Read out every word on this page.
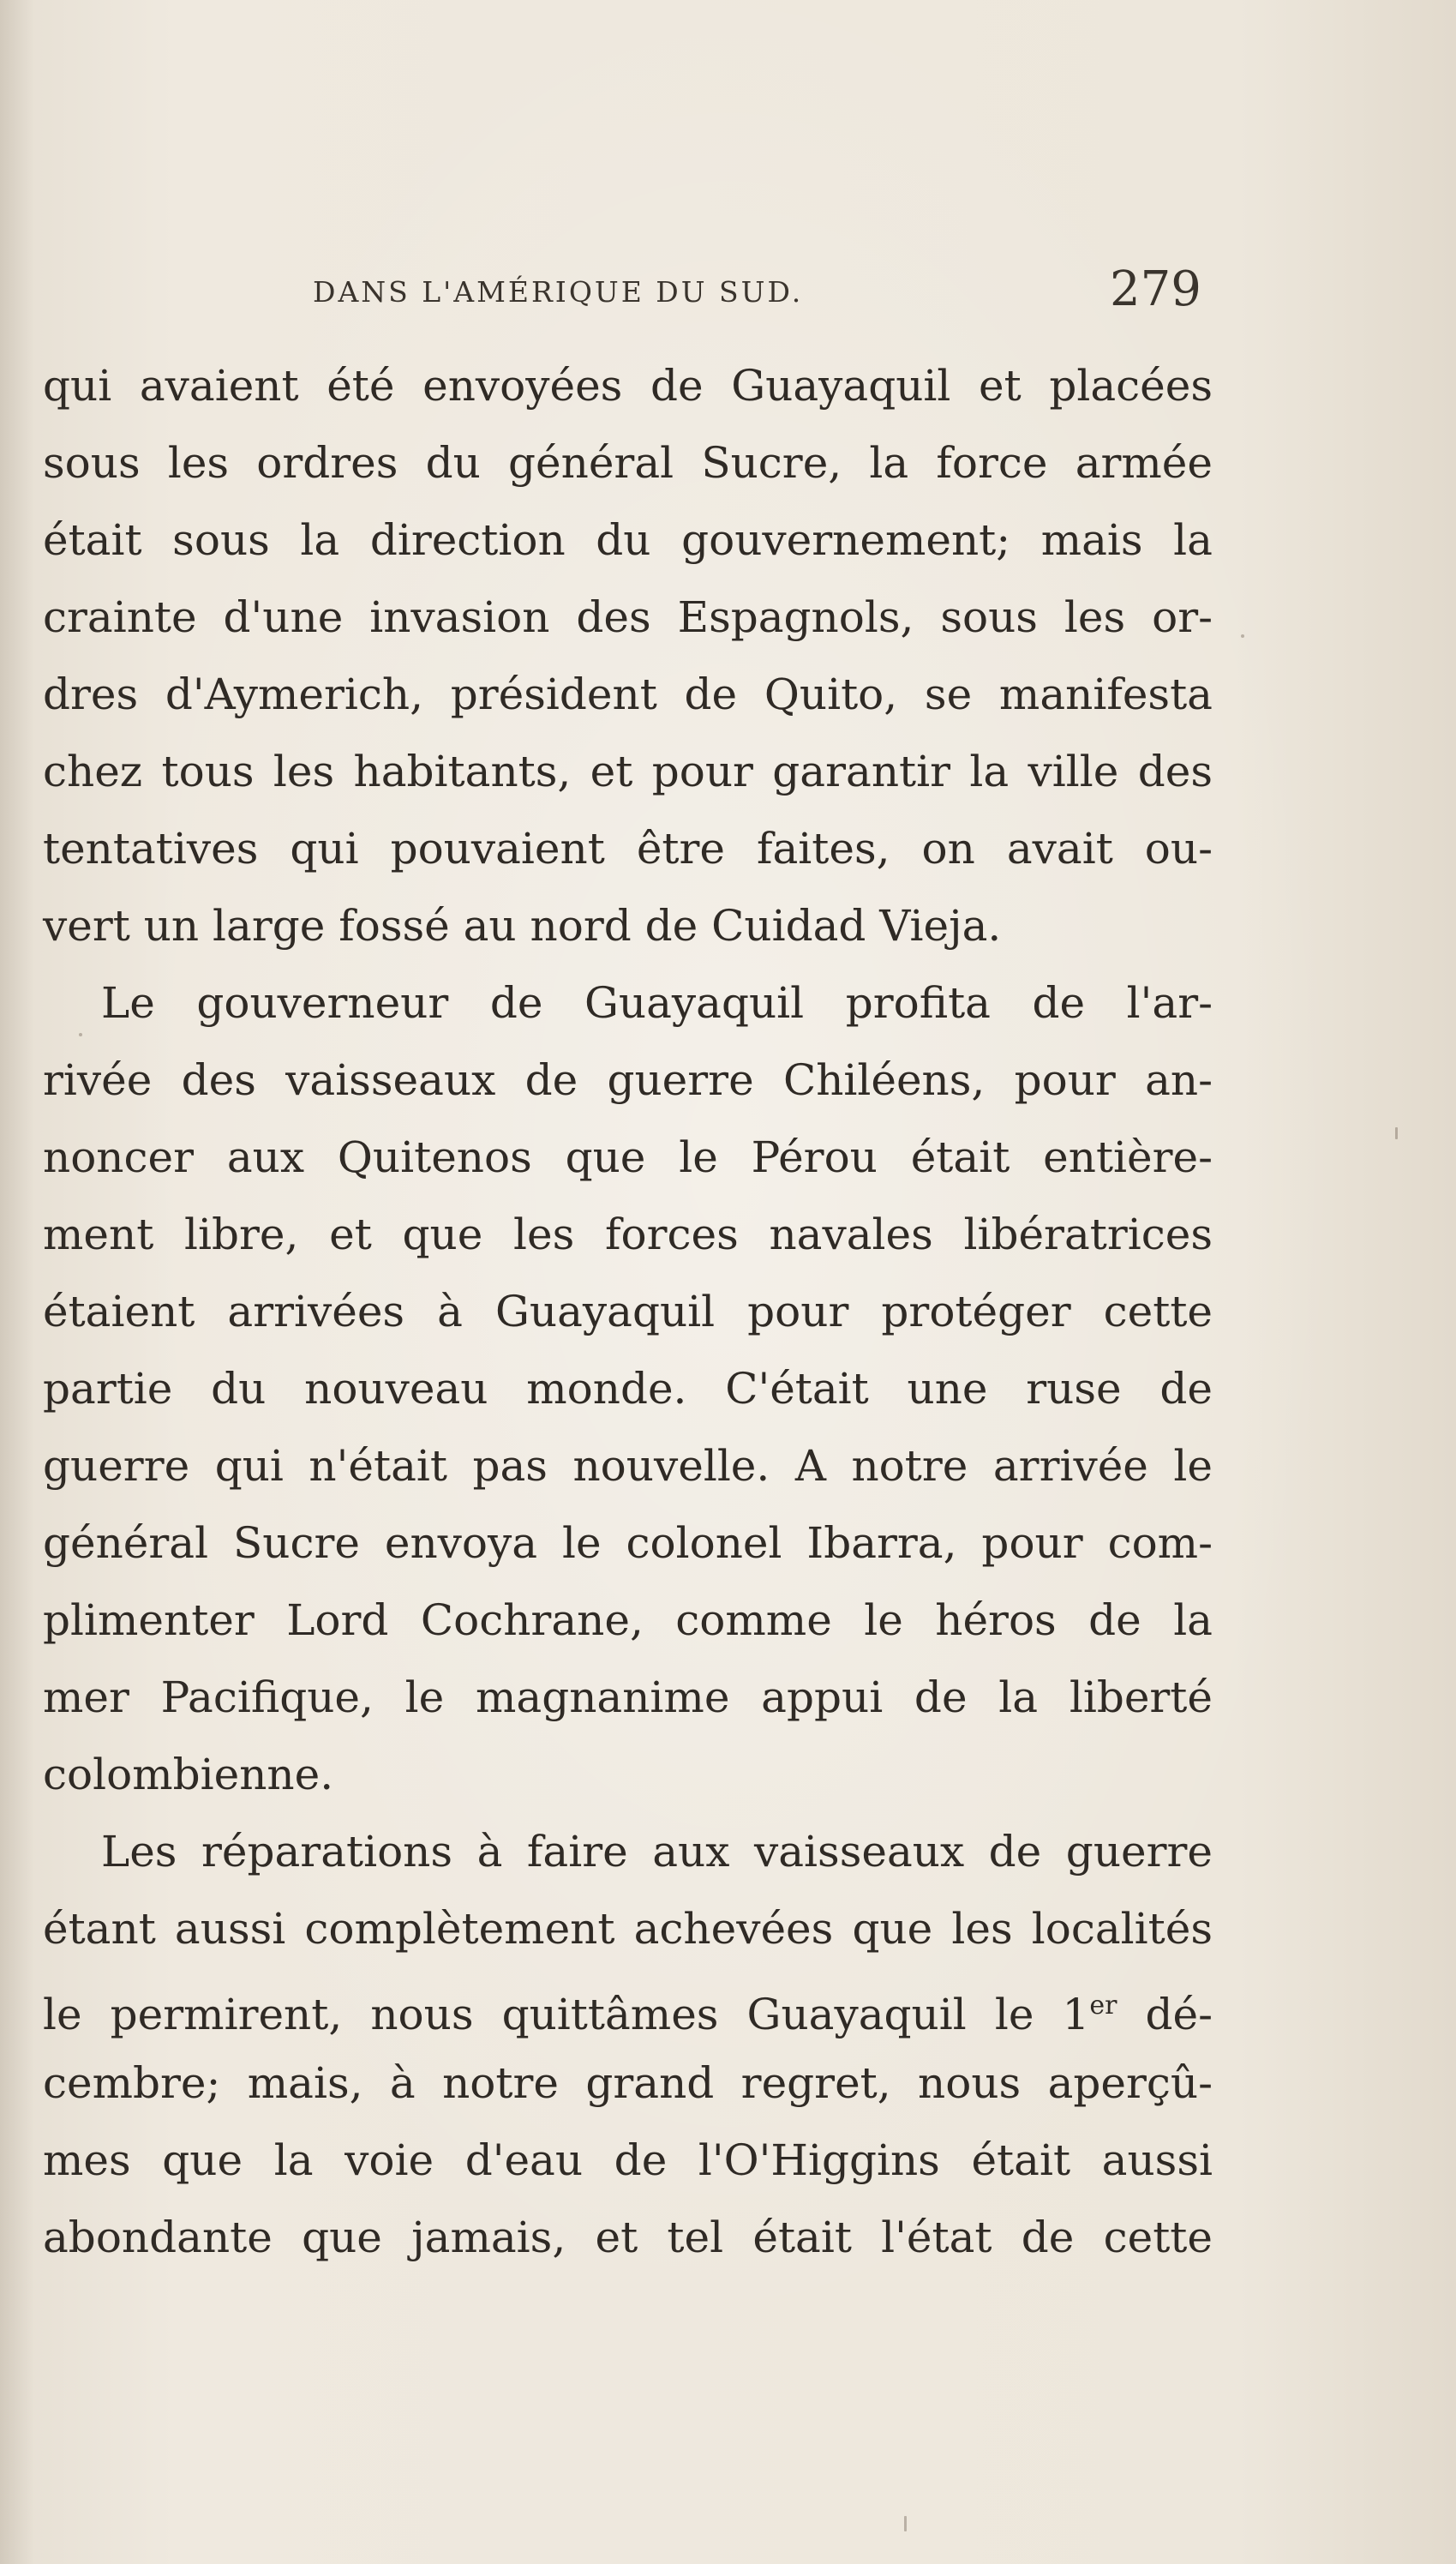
DANS L'AMÉRIQUE DU SUD.	279
qui avaient été envoyées de Guayaquil et placées
sous les ordres du général Sucre, la force armée
était sous la direction du gouvernement; mais la
crainte d'une invasion des Espagnols, sous les or-
dres d'Aymerich, président de Quito, se manifesta
chez tous les habitants, et pour garantir la ville des
tentatives qui pouvaient être faites, on avait ou-
vert un large fossé au nord de Cuidad Vieja.
Le gouverneur de Guayaquil profita de l'ar-
rivée des vaisseaux de guerre Chiléens, pour an-
noncer aux Quitenos que le Pérou était entière-
ment libre, et que les forces navales libératrices
étaient arrivées à Guayaquil pour protéger cette
partie du nouveau monde. C'était une ruse de
guerre qui n'était pas nouvelle. A notre arrivée le
général Sucre envoya le colonel Ibarra, pour com-
plimenter Lord Cochrane, comme le héros de la
mer Pacifique, le magnanime appui de la liberté
colombienne.
Les réparations à faire aux vaisseaux de guerre
étant aussi complètement achevées que les localités
le permirent, nous quittâmes Guayaquil le 1er dé-
cembre; mais, à notre grand regret, nous aperçû-
mes que la voie d'eau de l'O'Higgins était aussi
abondante que jamais, et tel était l'état de cette
